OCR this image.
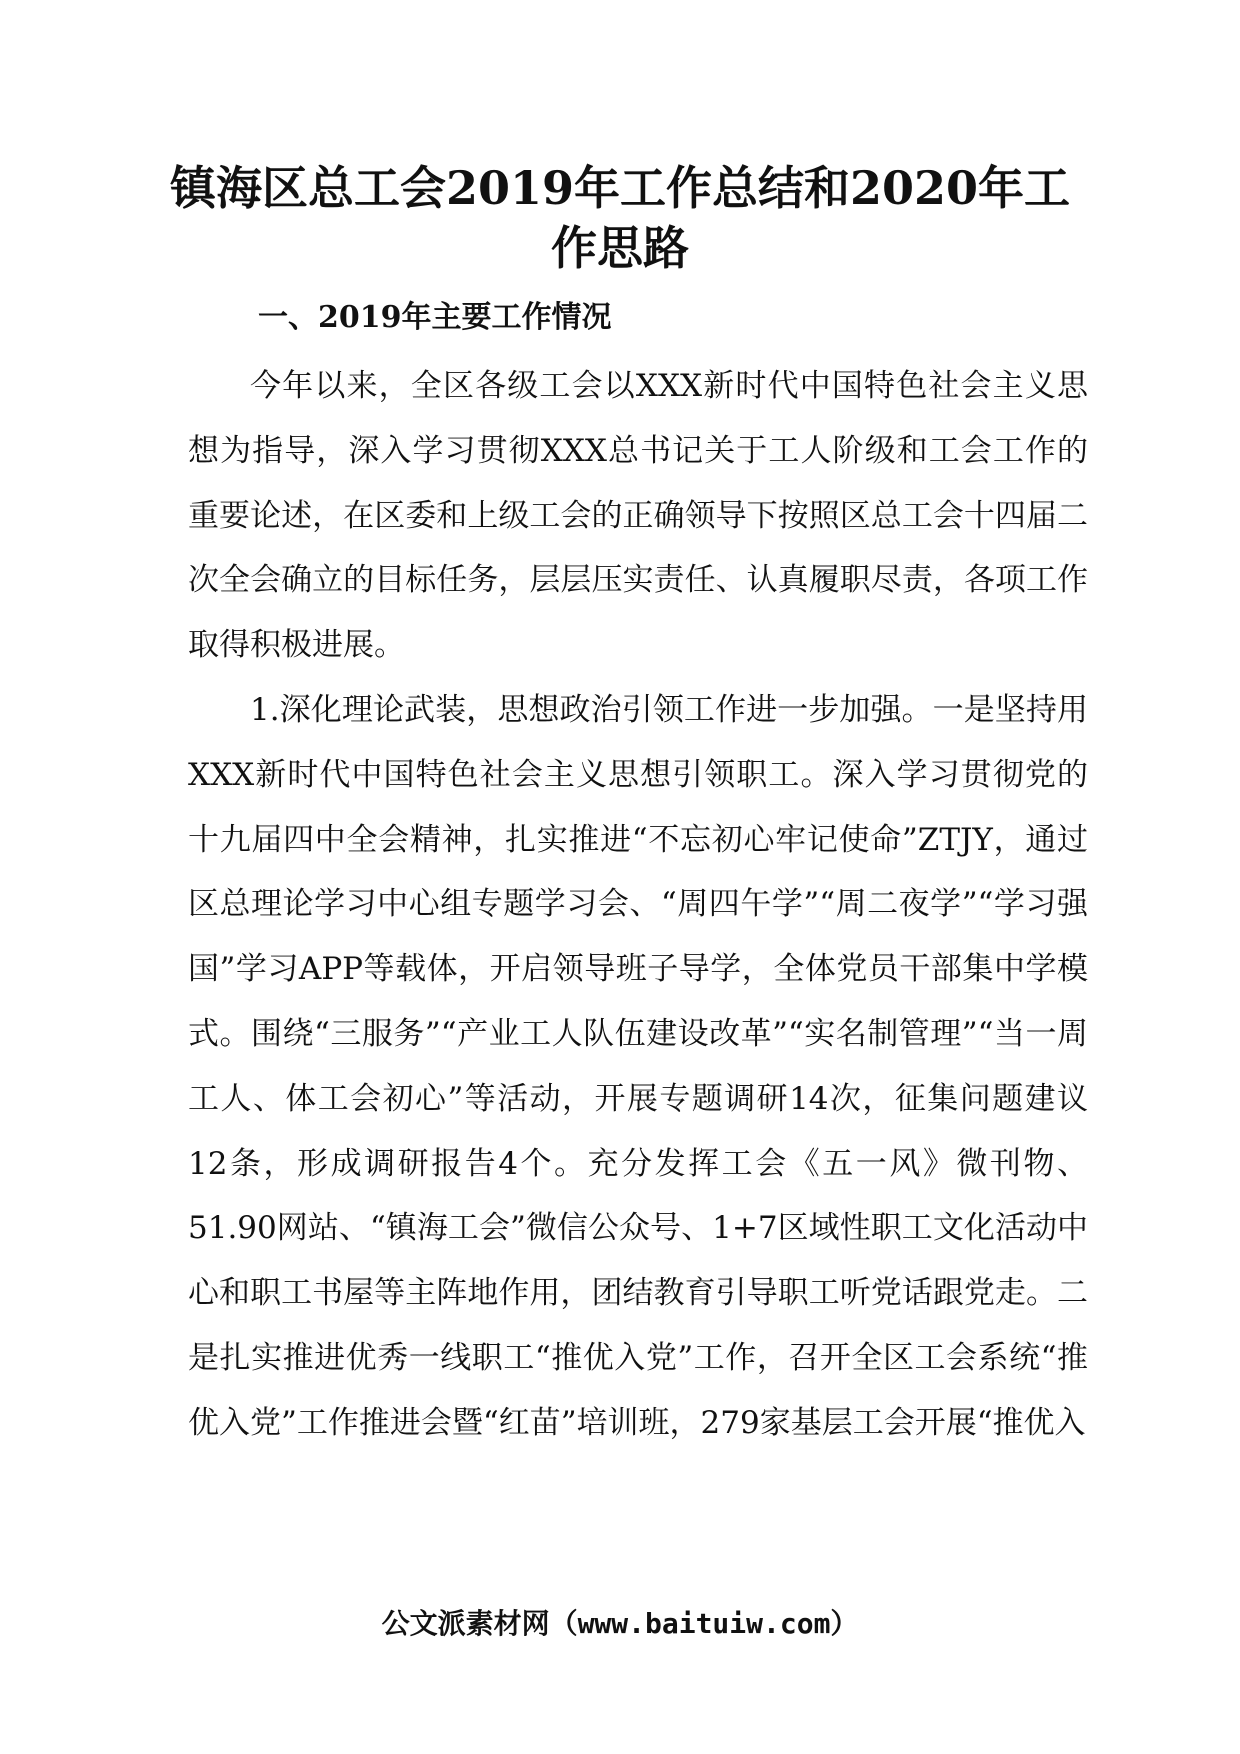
镇海区总工会2019年工作总结和2020年工作思路
一、2019年主要工作情况

今年以来，全区各级工会以XXX新时代中国特色社会主义思想为指导，深入学习贯彻XXX总书记关于工人阶级和工会工作的重要论述，在区委和上级工会的正确领导下按照区总工会十四届二次全会确立的目标任务，层层压实责任、认真履职尽责，各项工作取得积极进展。

1.深化理论武装，思想政治引领工作进一步加强。一是坚持用XXX新时代中国特色社会主义思想引领职工。深入学习贯彻党的十九届四中全会精神，扎实推进“不忘初心牢记使命”ZTJY，通过区总理论学习中心组专题学习会、“周四午学”“周二夜学”“学习强国”学习APP等载体，开启领导班子导学，全体党员干部集中学模式。围绕“三服务”“产业工人队伍建设改革”“实名制管理”“当一周工人、体工会初心”等活动，开展专题调研14次，征集问题建议12条，形成调研报告4个。充分发挥工会《五一风》微刊物、51.90网站、“镇海工会”微信公众号、1+7区域性职工文化活动中心和职工书屋等主阵地作用，团结教育引导职工听党话跟党走。二是扎实推进优秀一线职工“推优入党”工作，召开全区工会系统“推优入党”工作推进会暨“红苗”培训班，279家基层工会开展“推优入

公文派素材网（www.baituiw.com）
